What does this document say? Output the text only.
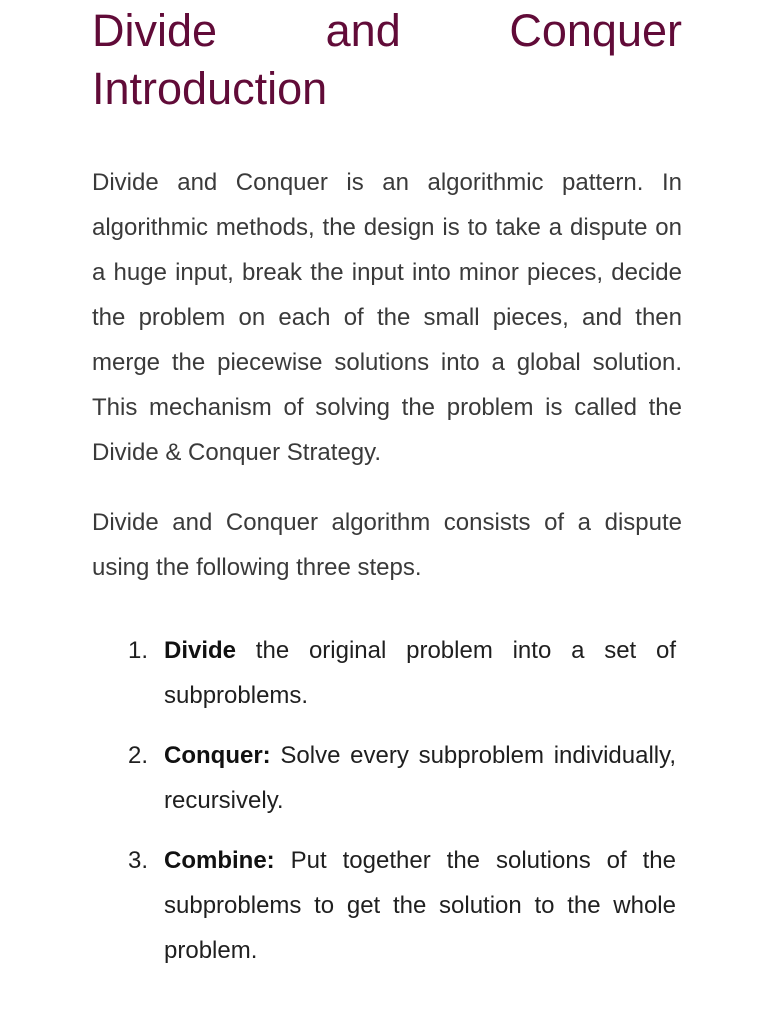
Divide and Conquer
Introduction

Divide and Conquer is an algorithmic pattern. In algorithmic methods, the design is to take a dispute on a huge input, break the input into minor pieces, decide the problem on each of the small pieces, and then merge the piecewise solutions into a global solution. This mechanism of solving the problem is called the Divide & Conquer Strategy.

Divide and Conquer algorithm consists of a dispute using the following three steps.

1. Divide the original problem into a set of subproblems.
2. Conquer: Solve every subproblem individually, recursively.
3. Combine: Put together the solutions of the subproblems to get the solution to the whole problem.
